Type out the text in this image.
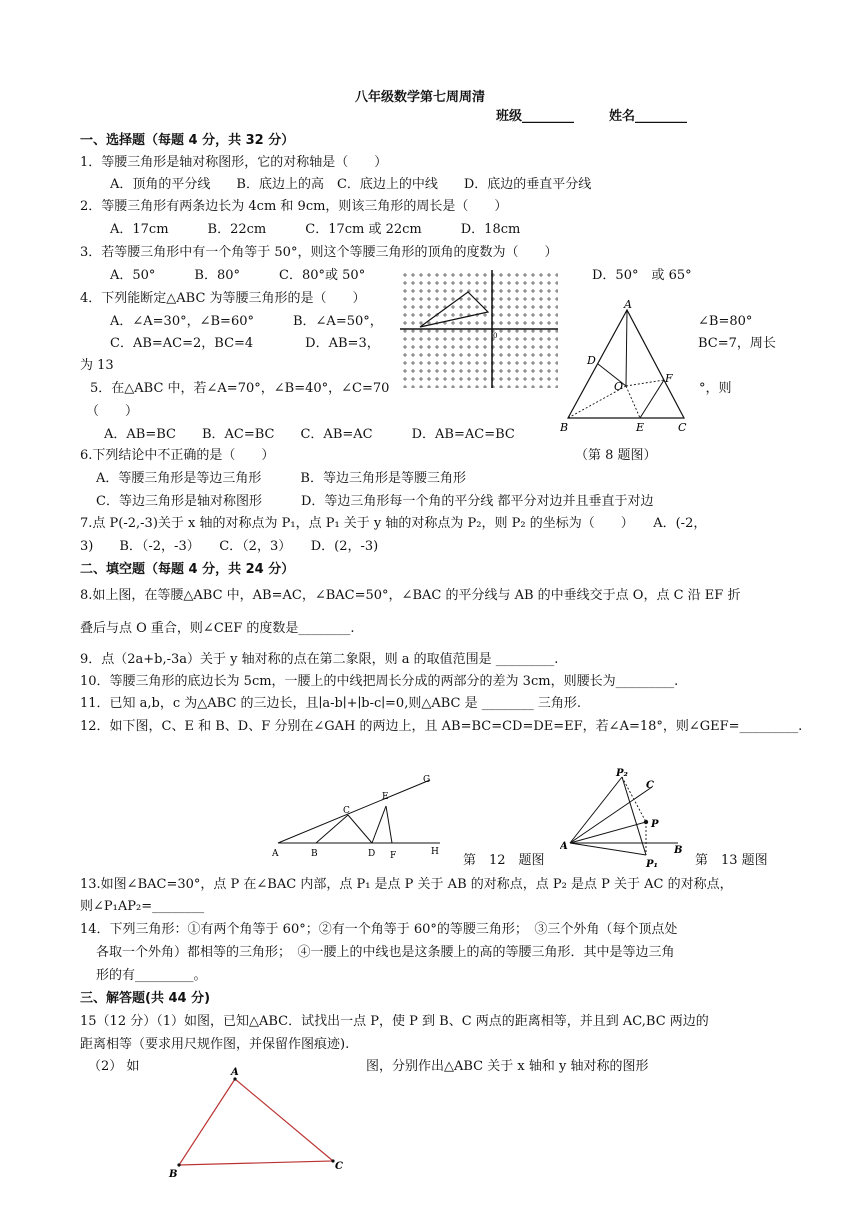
八年级数学第七周周清
班级________	姓名________
一、选择题（每题 4 分，共 32 分）
1．等腰三角形是轴对称图形，它的对称轴是（　　）
A．顶角的平分线　　B．底边上的高　C．底边上的中线　　D．底边的垂直平分线
2．等腰三角形有两条边长为 4cm 和 9cm，则该三角形的周长是（　　）
A．17cm　　　B．22cm　　　C．17cm 或 22cm　　　D．18cm
3．若等腰三角形中有一个角等于 50°，则这个等腰三角形的顶角的度数为（　　）
A．50°　　　B．80°　　　C．80°或 50°	D．50°　或 65°
4．下列能断定△ABC 为等腰三角形的是（　　）
A．∠A=30°，∠B=60°　　　B．∠A=50°，	∠B=80°
C．AB=AC=2，BC=4　　　　D．AB=3，	BC=7，周长
为 13
5．在△ABC 中，若∠A=70°，∠B=40°，∠C=70	°，则
（　　）
A．AB=BC　　B．AC=BC　　C．AB=AC　　　D．AB=AC=BC
0
A
B	C
D
E
F
O
（第 8 题图）
6.下列结论中不正确的是（　　）
A．等腰三角形是等边三角形　　　B．等边三角形是等腰三角形
C．等边三角形是轴对称图形　　　D．等边三角形每一个角的平分线 都平分对边并且垂直于对边
7.点 P(-2,-3)关于 x 轴的对称点为 P₁，点 P₁ 关于 y 轴的对称点为 P₂，则 P₂ 的坐标为（　　）　　A．(-2，
3)　　B．（-2，-3）　　C．（2，3）　　D．(2，-3)
二、填空题（每题 4 分，共 24 分）
8.如上图，在等腰△ABC 中，AB=AC，∠BAC=50°，∠BAC 的平分线与 AB 的中垂线交于点 O，点 C 沿 EF 折
叠后与点 O 重合，则∠CEF 的度数是________.
9．点（2a+b,-3a）关于 y 轴对称的点在第二象限，则 a 的取值范围是 _________.
10．等腰三角形的底边长为 5cm，一腰上的中线把周长分成的两部分的差为 3cm，则腰长为_________.
11．已知 a,b，c 为△ABC 的三边长，且∣a-b∣+∣b-c∣=0,则△ABC 是 ________ 三角形.
12．如下图，C、E 和 B、D、F 分别在∠GAH 的两边上，且 AB=BC=CD=DE=EF，若∠A=18°，则∠GEF=_________.
A	B
C
D
E
F
G
H
第　12　题图
P₂
C
P
A	B
P₁	第　13 题图
13.如图∠BAC=30°，点 P 在∠BAC 内部，点 P₁ 是点 P 关于 AB 的对称点，点 P₂ 是点 P 关于 AC 的对称点，
则∠P₁AP₂=________
14．下列三角形：①有两个角等于 60°；②有一个角等于 60°的等腰三角形；　③三个外角（每个顶点处
各取一个外角）都相等的三角形；　④一腰上的中线也是这条腰上的高的等腰三角形．其中是等边三角
形的有_________。
三、解答题(共 44 分)
15（12 分）（1）如图，已知△ABC．试找出一点 P，使 P 到 B、C 两点的距离相等，并且到 AC,BC 两边的
距离相等（要求用尺规作图，并保留作图痕迹).
（2） 如	图，分别作出△ABC 关于 x 轴和 y 轴对称的图形
A
B
C
